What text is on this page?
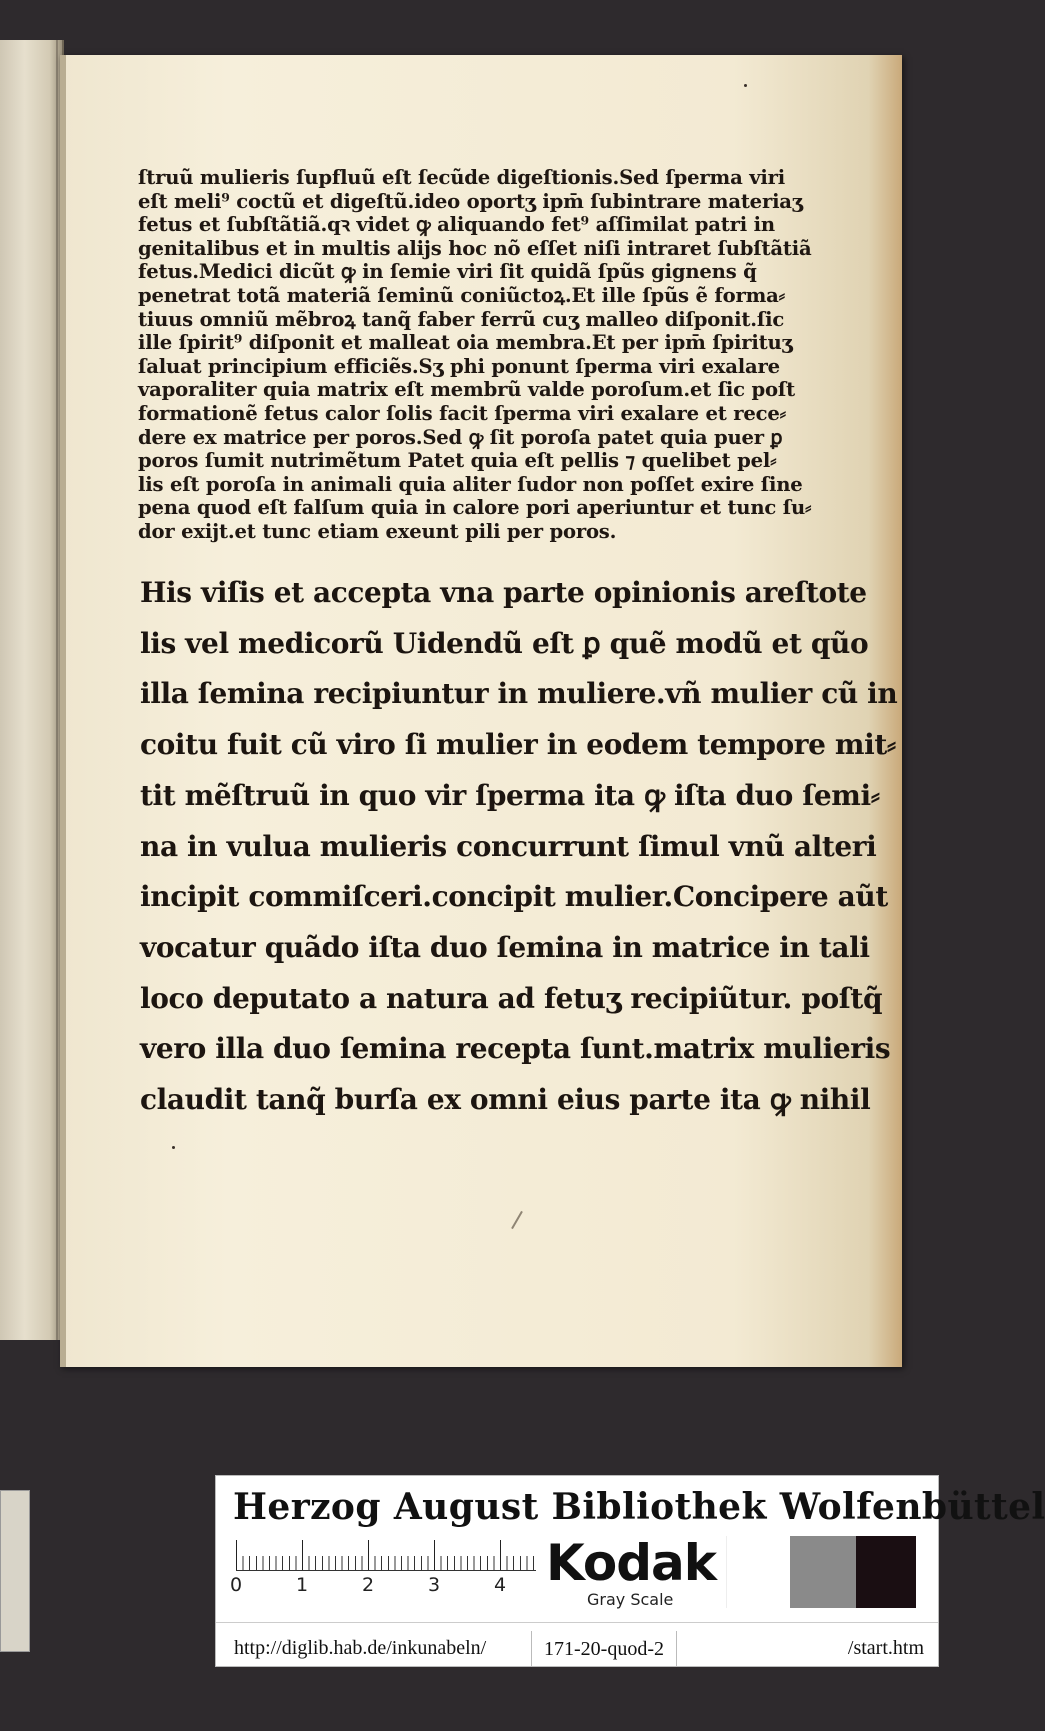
ſtruũ mulieris ſupfluũ eſt ſecũde digeſtionis.Sed ſperma viri
eſt meli⁹ coctũ et digeſtũ.ideo oportʒ ipm̄ ſubintrare materiaʒ
fetus et ſubſtãtiã.qꝛ videt ꝙ aliquando fet⁹ aſſimilat patri in
genitalibus et in multis alijs hoc nõ eſſet niſi intraret ſubſtãtiã
fetus.Medici dicũt ꝙ in ſemie viri ſit quidã ſpũs gignens q̃
penetrat totã materiã ſeminũ coniũctoꝝ.Et ille ſpũs ẽ forma⸗
tiuus omniũ mẽbroꝝ tanq̃ faber ferrũ cuʒ malleo diſponit.ſic
ille ſpirit⁹ diſponit et malleat oia membra.Et per ipm̄ ſpirituʒ
ſaluat principium efficiẽs.Sʒ phi ponunt ſperma viri exalare
vaporaliter quia matrix eſt membrũ valde poroſum.et ſic poſt
formationẽ fetus calor ſolis facit ſperma viri exalare et rece⸗
dere ex matrice per poros.Sed ꝙ ſit poroſa patet quia puer ꝑ
poros ſumit nutrimẽtum Patet quia eſt pellis ⁊ quelibet pel⸗
lis eſt poroſa in animali quia aliter ſudor non poſſet exire ſine
pena quod eſt falſum quia in calore pori aperiuntur et tunc ſu⸗
dor exijt.et tunc etiam exeunt pili per poros.
His viſis et accepta vna parte opinionis areſtote
lis vel medicorũ Uidendũ eſt ꝑ quẽ modũ et qũo
illa ſemina recipiuntur in muliere.vñ mulier cũ in
coitu fuit cũ viro ſi mulier in eodem tempore mit⸗
tit mẽſtruũ in quo vir ſperma ita ꝙ iſta duo ſemi⸗
na in vulua mulieris concurrunt ſimul vnũ alteri
incipit commiſceri.concipit mulier.Concipere aũt
vocatur quãdo iſta duo ſemina in matrice in tali
loco deputato a natura ad fetuʒ recipiũtur. poſtq̃
vero illa duo ſemina recepta ſunt.matrix mulieris
claudit tanq̃ burſa ex omni eius parte ita ꝙ nihil
Herzog August Bibliothek Wolfenbüttel
0	1	2	3	4 Kodak
Gray Scale
http://diglib.hab.de/inkunabeln/	171-20-quod-2	/start.htm
